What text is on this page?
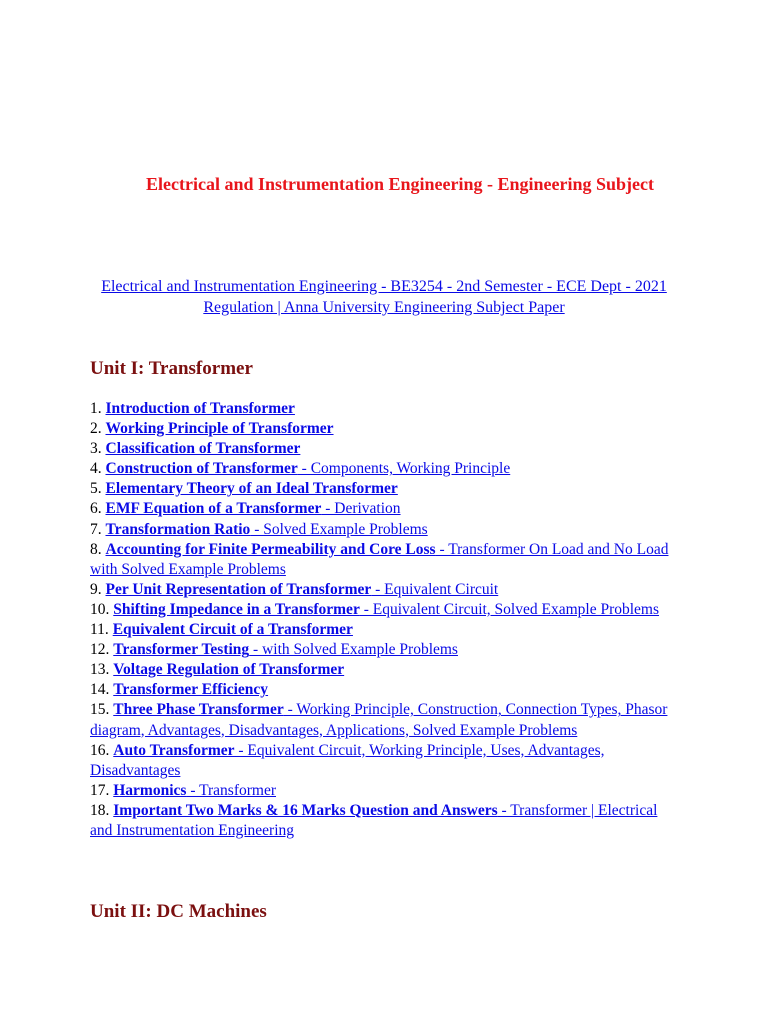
Electrical and Instrumentation Engineering - Engineering Subject

Electrical and Instrumentation Engineering - BE3254 - 2nd Semester - ECE Dept - 2021 Regulation | Anna University Engineering Subject Paper

Unit I: Transformer
1. Introduction of Transformer
2. Working Principle of Transformer
3. Classification of Transformer
4. Construction of Transformer - Components, Working Principle
5. Elementary Theory of an Ideal Transformer
6. EMF Equation of a Transformer - Derivation
7. Transformation Ratio - Solved Example Problems
8. Accounting for Finite Permeability and Core Loss - Transformer On Load and No Load with Solved Example Problems
9. Per Unit Representation of Transformer - Equivalent Circuit
10. Shifting Impedance in a Transformer - Equivalent Circuit, Solved Example Problems
11. Equivalent Circuit of a Transformer
12. Transformer Testing - with Solved Example Problems
13. Voltage Regulation of Transformer
14. Transformer Efficiency
15. Three Phase Transformer - Working Principle, Construction, Connection Types, Phasor diagram, Advantages, Disadvantages, Applications, Solved Example Problems
16. Auto Transformer - Equivalent Circuit, Working Principle, Uses, Advantages, Disadvantages
17. Harmonics - Transformer
18. Important Two Marks & 16 Marks Question and Answers - Transformer | Electrical and Instrumentation Engineering
Unit II: DC Machines
